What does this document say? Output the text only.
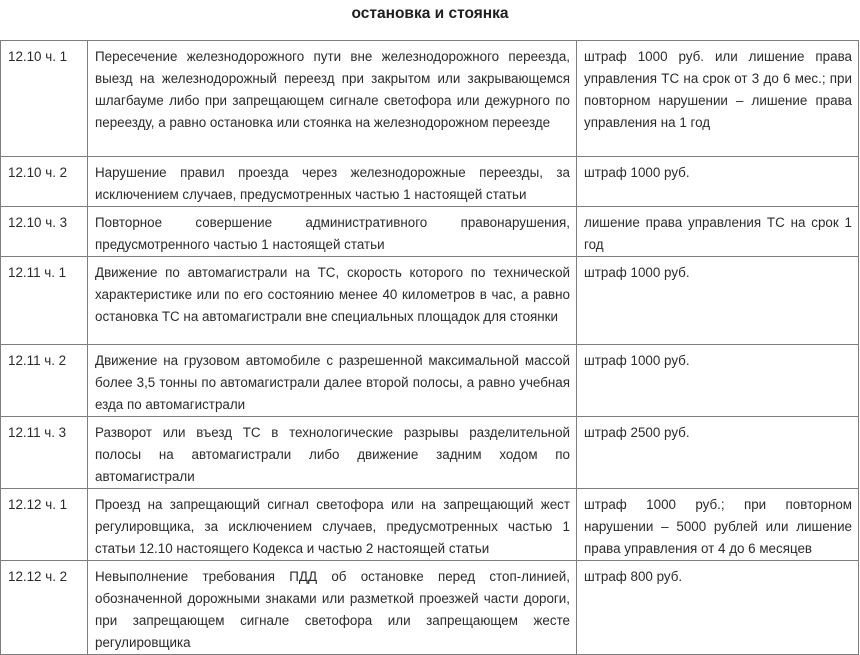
остановка и стоянка
12.10 ч. 1	Пересечение железнодорожного пути вне железнодорожного переезда, выезд на железнодорожный переезд при закрытом или закрывающемся шлагбауме либо при запрещающем сигнале светофора или дежурного по переезду, а равно остановка или стоянка на железнодорожном переезде	штраф 1000 руб. или лишение права управления ТС на срок от 3 до 6 мес.; при повторном нарушении – лишение права управления на 1 год
12.10 ч. 2	Нарушение правил проезда через железнодорожные переезды, за исключением случаев, предусмотренных частью 1 настоящей статьи	штраф 1000 руб.
12.10 ч. 3	Повторное совершение административного правонарушения, предусмотренного частью 1 настоящей статьи	лишение права управления ТС на срок 1 год
12.11 ч. 1	Движение по автомагистрали на ТС, скорость которого по технической характеристике или по его состоянию менее 40 километров в час, а равно остановка ТС на автомагистрали вне специальных площадок для стоянки	штраф 1000 руб.
12.11 ч. 2	Движение на грузовом автомобиле с разрешенной максимальной массой более 3,5 тонны по автомагистрали далее второй полосы, а равно учебная езда по автомагистрали	штраф 1000 руб.
12.11 ч. 3	Разворот или въезд ТС в технологические разрывы разделительной полосы на автомагистрали либо движение задним ходом по автомагистрали	штраф 2500 руб.
12.12 ч. 1	Проезд на запрещающий сигнал светофора или на запрещающий жест регулировщика, за исключением случаев, предусмотренных частью 1 статьи 12.10 настоящего Кодекса и частью 2 настоящей статьи	штраф 1000 руб.; при повторном нарушении – 5000 рублей или лишение права управления от 4 до 6 месяцев
12.12 ч. 2	Невыполнение требования ПДД об остановке перед стоп-линией, обозначенной дорожными знаками или разметкой проезжей части дороги, при запрещающем сигнале светофора или запрещающем жесте регулировщика	штраф 800 руб.
